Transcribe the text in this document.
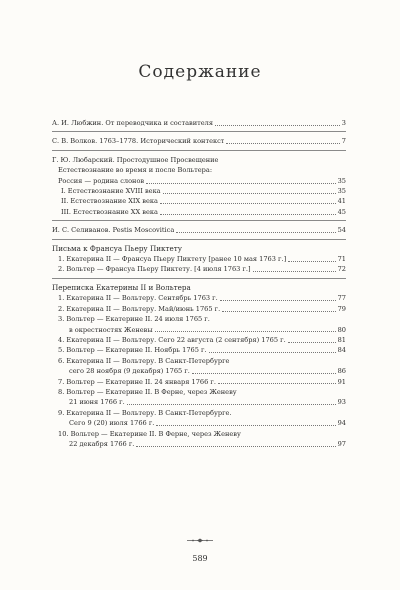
Содержание
А. И. Любжин. От переводчика и составителя	3
С. В. Волков. 1763–1778. Исторический контекст	7
Г. Ю. Любарский. Простодушное Просвещение
Естествознание во время и после Вольтера:
Россия — родина слонов	35
I. Естествознание XVIII века	35
II. Естествознание XIX века	41
III. Естествознание XX века	45
И. С. Селиванов. Pestis Moscovitica	54
Письма к Франсуа Пьеру Пиктету
1. Екатерина II — Франсуа Пьеру Пиктету [ранее 10 мая 1763 г.]	71
2. Вольтер — Франсуа Пьеру Пиктету. [4 июля 1763 г.]	72
Переписка Екатерины II и Вольтера
1. Екатерина II — Вольтеру. Сентябрь 1763 г.	77
2. Екатерина II — Вольтеру. Май/июнь 1765 г.	79
3. Вольтер — Екатерине II. 24 июля 1765 г.
в окрестностях Женевы	80
4. Екатерина II — Вольтеру. Сего 22 августа (2 сентября) 1765 г.	81
5. Вольтер — Екатерине II. Ноябрь 1765 г.	84
6. Екатерина II — Вольтеру. В Санкт-Петербурге
сего 28 ноября (9 декабря) 1765 г.	86
7. Вольтер — Екатерине II. 24 января 1766 г.	91
8. Вольтер — Екатерине II. В Ферне, через Женеву
21 июня 1766 г.	93
9. Екатерина II — Вольтеру. В Санкт-Петербурге.
Сего 9 (20) июля 1766 г.	94
10. Вольтер — Екатерине II. В Ферне, через Женеву
22 декабря 1766 г.	97
589
